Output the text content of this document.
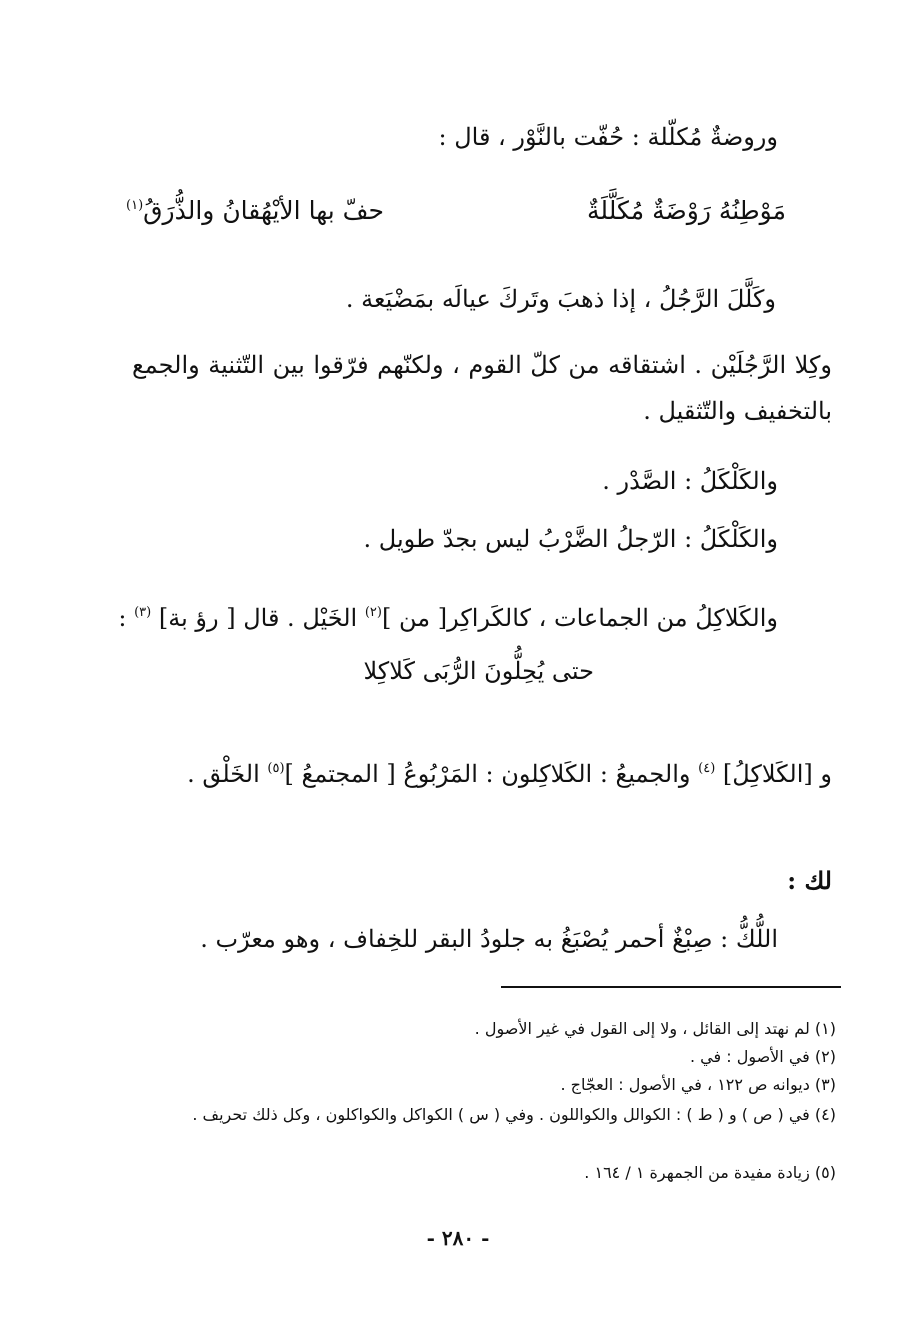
وروضةٌ مُكلّلة : حُفّت بالنَّوْر ، قال :
مَوْطِنُهُ رَوْضَةٌ مُكَلَّلَةٌ
حفّ بها الأيْهُقانُ والذُّرَقُ$^{(١)}$
وكَلَّلَ الرَّجُلُ ، إذا ذهبَ وتَركَ عيالَه بمَضْيَعة .
وكِلا الرَّجُلَيْن . اشتقاقه من كلّ القوم ، ولكنّهم فرّقوا بين التّثنية والجمع بالتخفيف والتّثقيل .
والكَلْكَلُ : الصَّدْر .
والكَلْكَلُ : الرّجلُ الضَّرْبُ ليس بجدّ طويل .
والكَلاكِلُ من الجماعات ، كالكَراكِر[ من ]$^{(٢)}$ الخَيْل . قال [ رؤ بة] $^{(٣)}$ :
حتى يُحِلُّونَ الرُّبَى كَلاكِلا
و [الكَلاكِلُ] $^{(٤)}$ والجميعُ : الكَلاكِلون : المَرْبُوعُ [ المجتمعُ ]$^{(٥)}$ الخَلْق .
لك :
اللُّكُّ : صِبْغٌ أحمر يُصْبَغُ به جلودُ البقر للخِفاف ، وهو معرّب .
(١) لم نهتد إلى القائل ، ولا إلى القول في غير الأصول .
(٢) في الأصول : في .
(٣) ديوانه ص ١٢٢ ، في الأصول : العجّاج .
(٤) في ( ص ) و ( ط ) : الكوالل والكواللون . وفي ( س ) الكواكل والكواكلون ، وكل ذلك تحريف .
(٥) زيادة مفيدة من الجمهرة ١ / ١٦٤ .
- ٢٨٠ -
